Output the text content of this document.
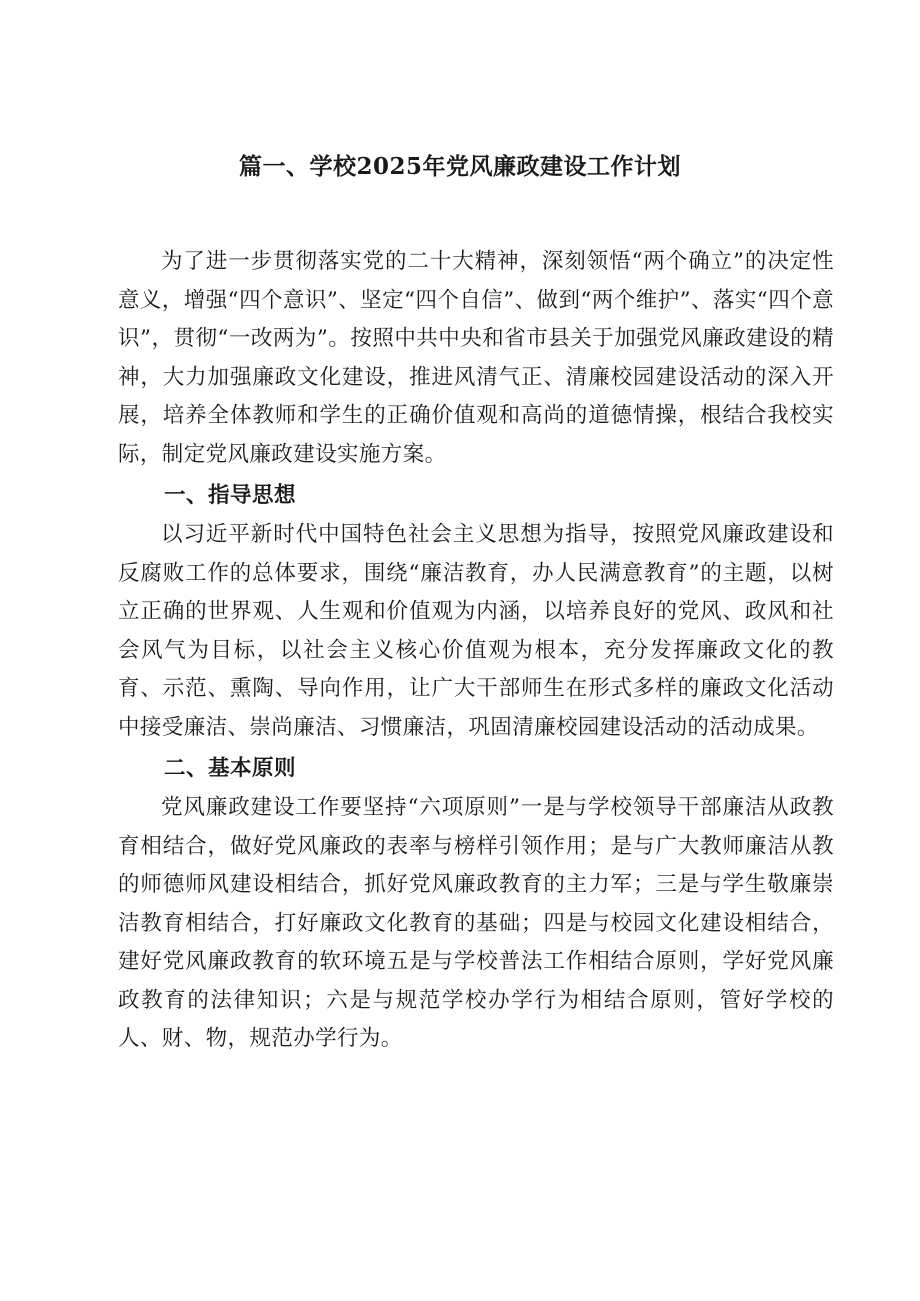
篇一、学校2025年党风廉政建设工作计划

为了进一步贯彻落实党的二十大精神，深刻领悟“两个确立”的决定性意义，增强“四个意识”、坚定“四个自信”、做到“两个维护”、落实“四个意识”，贯彻“一改两为”。按照中共中央和省市县关于加强党风廉政建设的精神，大力加强廉政文化建设，推进风清气正、清廉校园建设活动的深入开展，培养全体教师和学生的正确价值观和高尚的道德情操，根结合我校实际，制定党风廉政建设实施方案。

一、指导思想

以习近平新时代中国特色社会主义思想为指导，按照党风廉政建设和反腐败工作的总体要求，围绕“廉洁教育，办人民满意教育”的主题，以树立正确的世界观、人生观和价值观为内涵，以培养良好的党风、政风和社会风气为目标，以社会主义核心价值观为根本，充分发挥廉政文化的教育、示范、熏陶、导向作用，让广大干部师生在形式多样的廉政文化活动中接受廉洁、崇尚廉洁、习惯廉洁，巩固清廉校园建设活动的活动成果。

二、基本原则

党风廉政建设工作要坚持“六项原则”一是与学校领导干部廉洁从政教育相结合，做好党风廉政的表率与榜样引领作用；是与广大教师廉洁从教的师德师风建设相结合，抓好党风廉政教育的主力军；三是与学生敬廉崇洁教育相结合，打好廉政文化教育的基础；四是与校园文化建设相结合，建好党风廉政教育的软环境五是与学校普法工作相结合原则，学好党风廉政教育的法律知识；六是与规范学校办学行为相结合原则，管好学校的人、财、物，规范办学行为。
